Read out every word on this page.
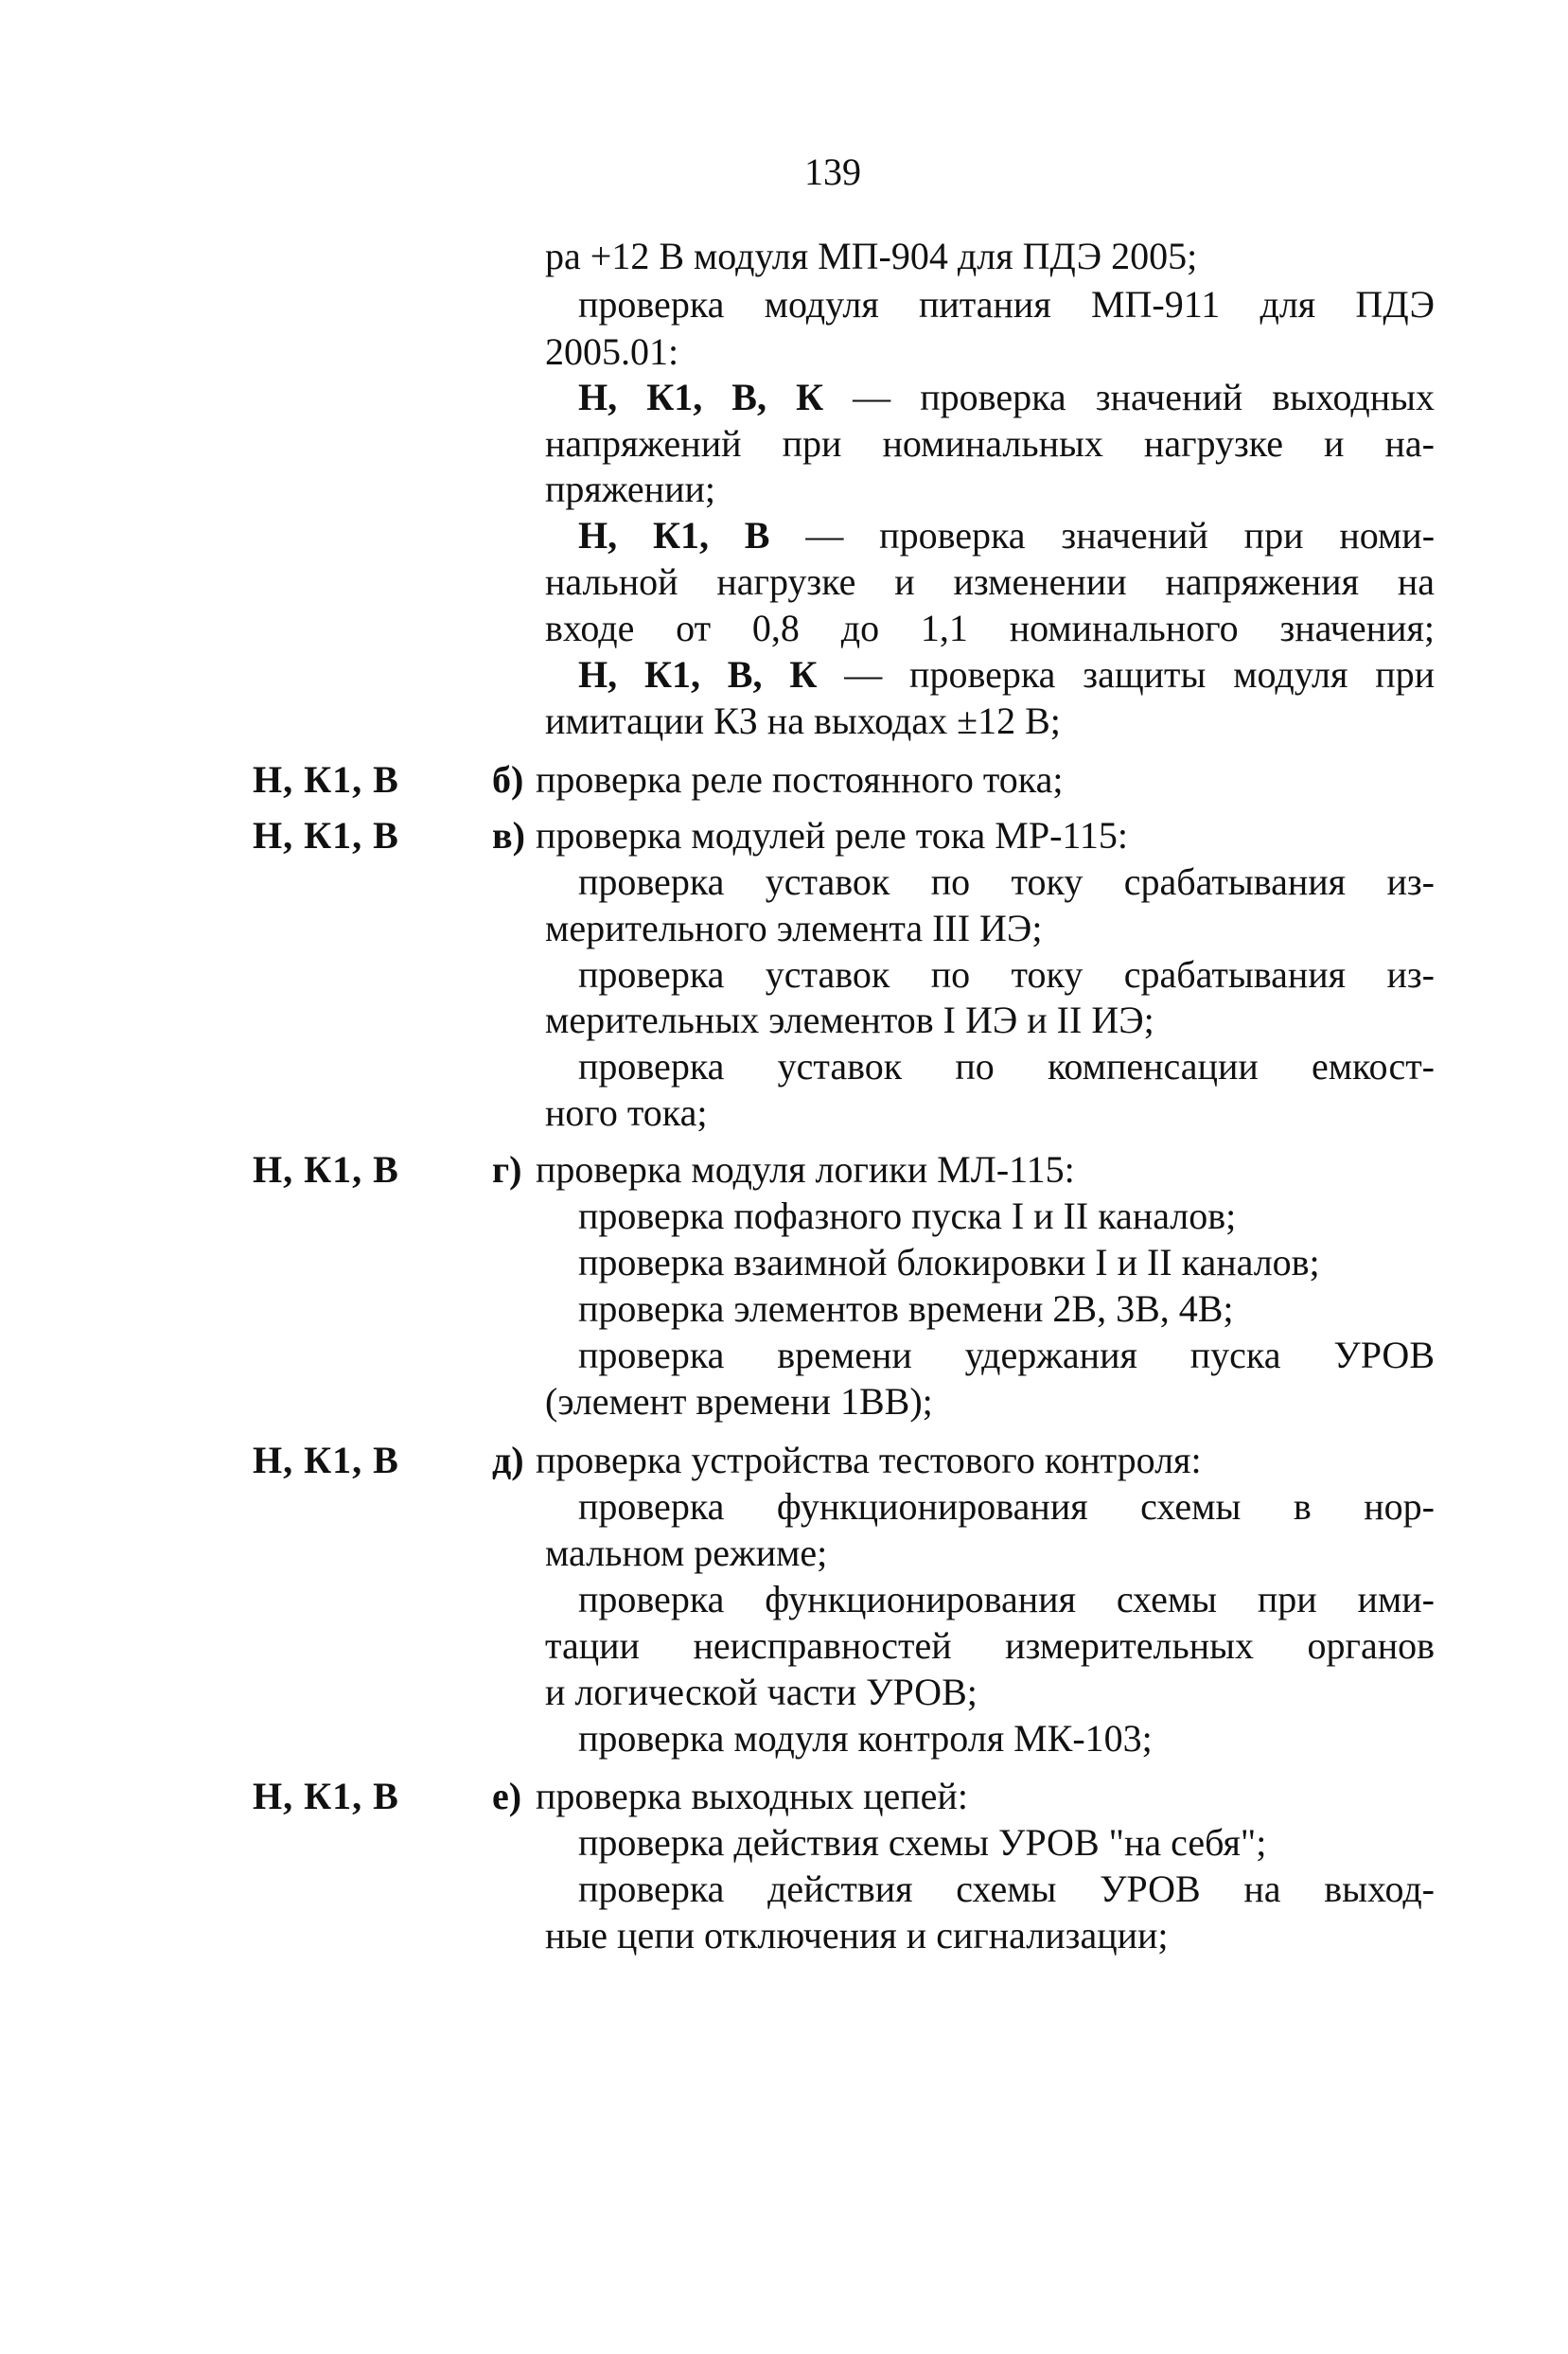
139
ра +12 В модуля МП-904 для ПДЭ 2005;
проверка модуля питания МП-911 для ПДЭ
2005.01:
Н, К1, В, К — проверка значений выходных
напряжений при номинальных нагрузке и на-
пряжении;
Н, К1, В — проверка значений при номи-
нальной нагрузке и изменении напряжения на
входе от 0,8 до 1,1 номинального значения;
Н, К1, В, К — проверка защиты модуля при
имитации КЗ на выходах ±12 В;
Н, К1, В б) проверка реле постоянного тока;
Н, К1, В в) проверка модулей реле тока МР-115:
проверка уставок по току срабатывания из-
мерительного элемента III ИЭ;
проверка уставок по току срабатывания из-
мерительных элементов I ИЭ и II ИЭ;
проверка уставок по компенсации емкост-
ного тока;
Н, К1, В г) проверка модуля логики МЛ-115:
проверка пофазного пуска I и II каналов;
проверка взаимной блокировки I и II каналов;
проверка элементов времени 2В, 3В, 4В;
проверка времени удержания пуска УРОВ
(элемент времени 1ВВ);
Н, К1, В д) проверка устройства тестового контроля:
проверка функционирования схемы в нор-
мальном режиме;
проверка функционирования схемы при ими-
тации неисправностей измерительных органов
и логической части УРОВ;
проверка модуля контроля МК-103;
Н, К1, В е) проверка выходных цепей:
проверка действия схемы УРОВ "на себя";
проверка действия схемы УРОВ на выход-
ные цепи отключения и сигнализации;
